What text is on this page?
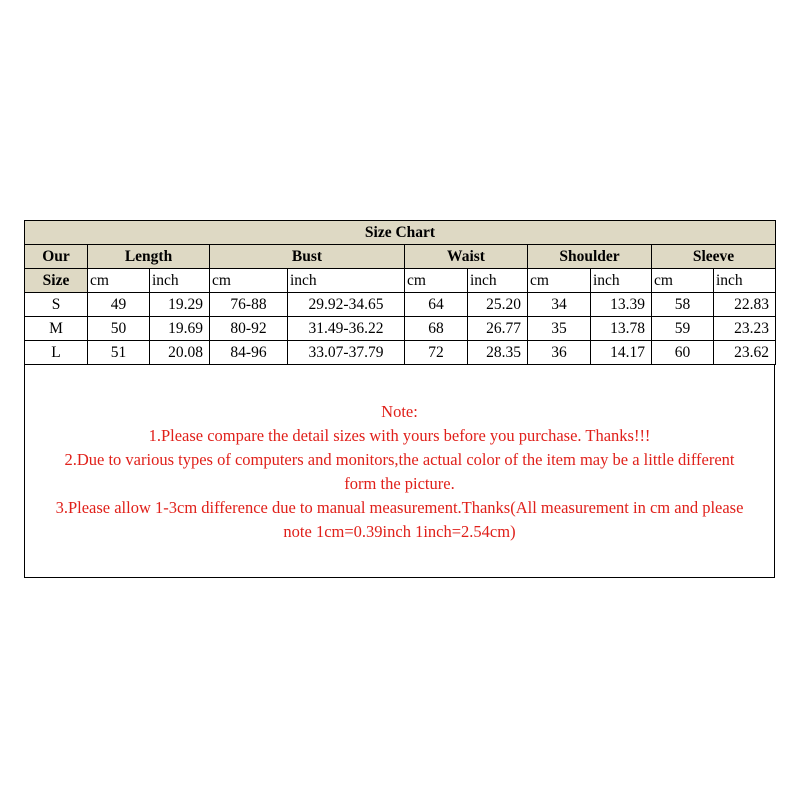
Size Chart										
Our	Length		Bust		Waist		Shoulder		Sleeve	
Size	cm	inch	cm	inch	cm	inch	cm	inch	cm	inch
S	49	19.29	76-88	29.92-34.65	64	25.20	34	13.39	58	22.83
M	50	19.69	80-92	31.49-36.22	68	26.77	35	13.78	59	23.23
L	51	20.08	84-96	33.07-37.79	72	28.35	36	14.17	60	23.62
Note:
1.Please compare the detail sizes with yours before you purchase. Thanks!!!
2.Due to various types of computers and monitors,the actual color of the item may be a little different
form the picture.
3.Please allow 1-3cm difference due to manual measurement.Thanks(All measurement in cm and please
note 1cm=0.39inch 1inch=2.54cm)
